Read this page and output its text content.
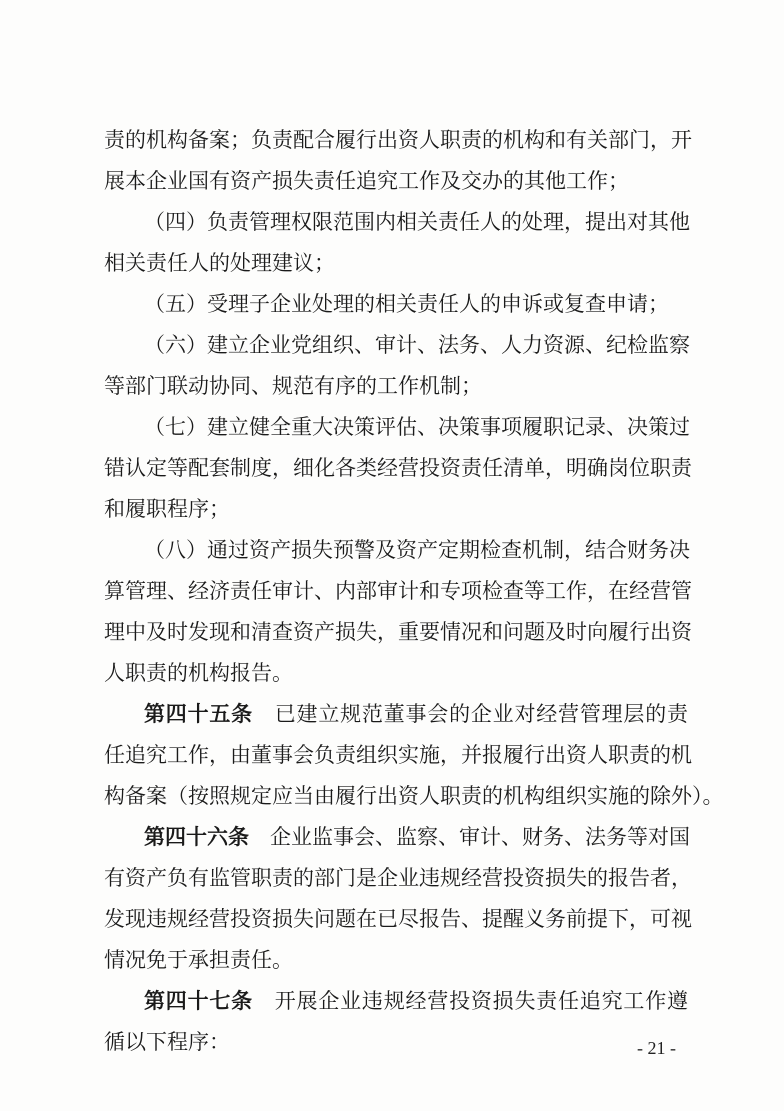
责的机构备案；负责配合履行出资人职责的机构和有关部门，开
展本企业国有资产损失责任追究工作及交办的其他工作；
（四）负责管理权限范围内相关责任人的处理，提出对其他
相关责任人的处理建议；
（五）受理子企业处理的相关责任人的申诉或复查申请；
（六）建立企业党组织、审计、法务、人力资源、纪检监察
等部门联动协同、规范有序的工作机制；
（七）建立健全重大决策评估、决策事项履职记录、决策过
错认定等配套制度，细化各类经营投资责任清单，明确岗位职责
和履职程序；
（八）通过资产损失预警及资产定期检查机制，结合财务决
算管理、经济责任审计、内部审计和专项检查等工作，在经营管
理中及时发现和清查资产损失，重要情况和问题及时向履行出资
人职责的机构报告。
第四十五条　 已建立规范董事会的企业对经营管理层的责
任追究工作，由董事会负责组织实施，并报履行出资人职责的机
构备案（按照规定应当由履行出资人职责的机构组织实施的除外）。
第四十六条　 企业监事会、监察、审计、财务、法务等对国
有资产负有监管职责的部门是企业违规经营投资损失的报告者，
发现违规经营投资损失问题在已尽报告、提醒义务前提下，可视
情况免于承担责任。
第四十七条　 开展企业违规经营投资损失责任追究工作遵
循以下程序：	- 21 -
